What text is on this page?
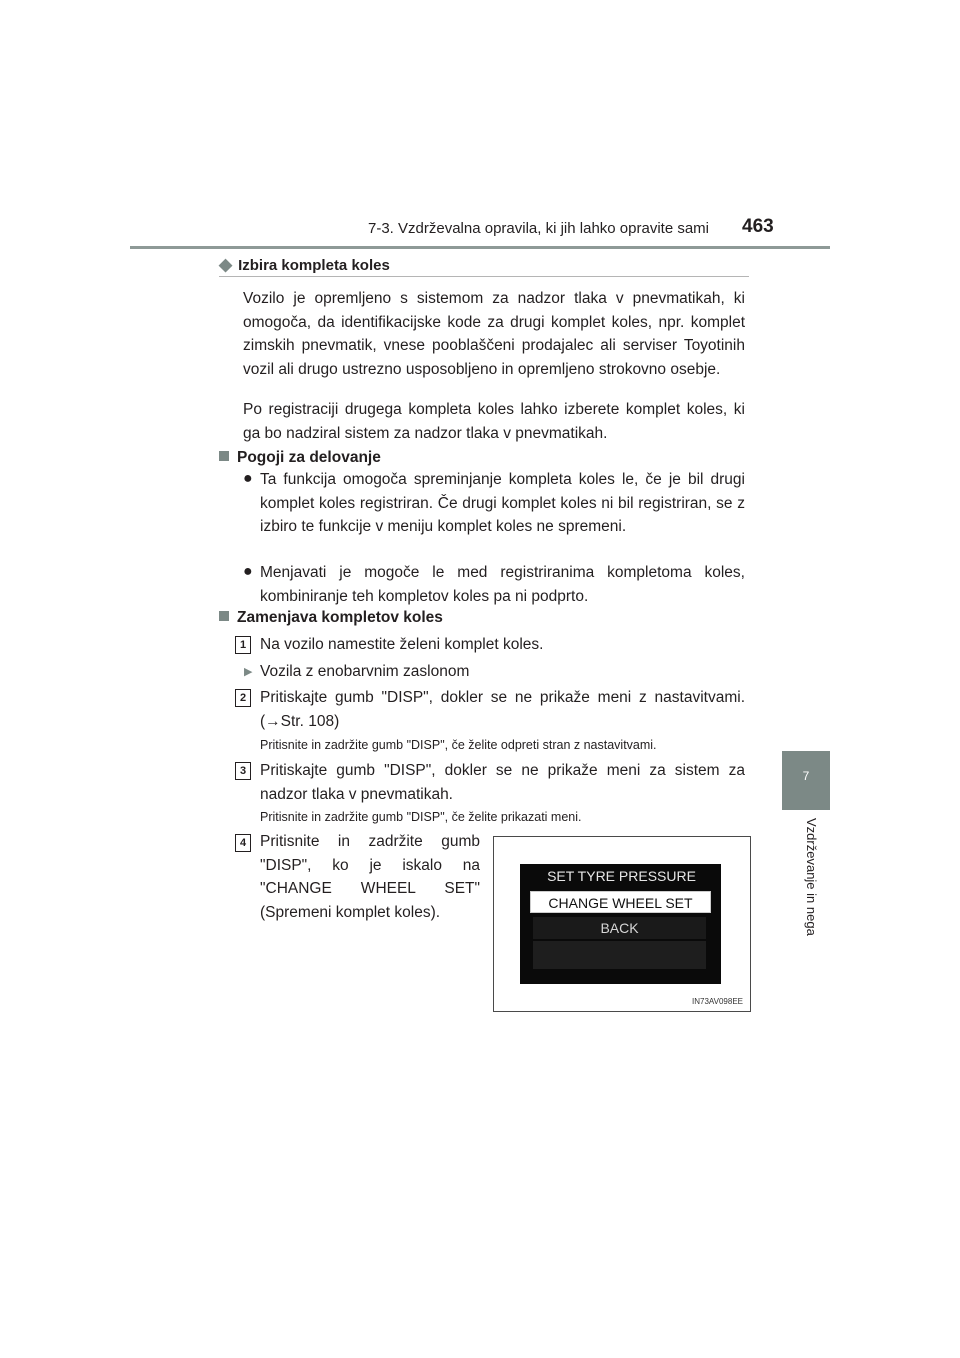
7-3. Vzdrževalna opravila, ki jih lahko opravite sami 463
7
Vzdrževanje in nega
◆ Izbira kompleta koles

Vozilo je opremljeno s sistemom za nadzor tlaka v pnevmatikah, ki omogoča, da identifikacijske kode za drugi komplet koles, npr. komplet zimskih pnevmatik, vnese pooblaščeni prodajalec ali serviser Toyotinih vozil ali drugo ustrezno usposobljeno in opremljeno strokovno osebje.

Po registraciji drugega kompleta koles lahko izberete komplet koles, ki ga bo nadziral sistem za nadzor tlaka v pnevmatikah.

Pogoji za delovanje
● Ta funkcija omogoča spreminjanje kompleta koles le, če je bil drugi komplet koles registriran. Če drugi komplet koles ni bil registriran, se z izbiro te funkcije v meniju komplet koles ne spremeni.

● Menjavati je mogoče le med registriranima kompletoma koles, kombiniranje teh kompletov koles pa ni podprto.

Zamenjava kompletov koles
1 Na vozilo namestite želeni komplet koles.

▶ Vozila z enobarvnim zaslonom
2 Pritiskajte gumb "DISP", dokler se ne prikaže meni z nastavitvami. (→Str. 108)

Pritisnite in zadržite gumb "DISP", če želite odpreti stran z nastavitvami.
3 Pritiskajte gumb "DISP", dokler se ne prikaže meni za sistem za nadzor tlaka v pnevmatikah.

Pritisnite in zadržite gumb "DISP", če želite prikazati meni.
4 Pritisnite in zadržite gumb "DISP", ko je iskalo na "CHANGE WHEEL SET" (Spremeni komplet koles).

SET TYRE PRESSURE
CHANGE WHEEL SET
BACK
IN73AV098EE
